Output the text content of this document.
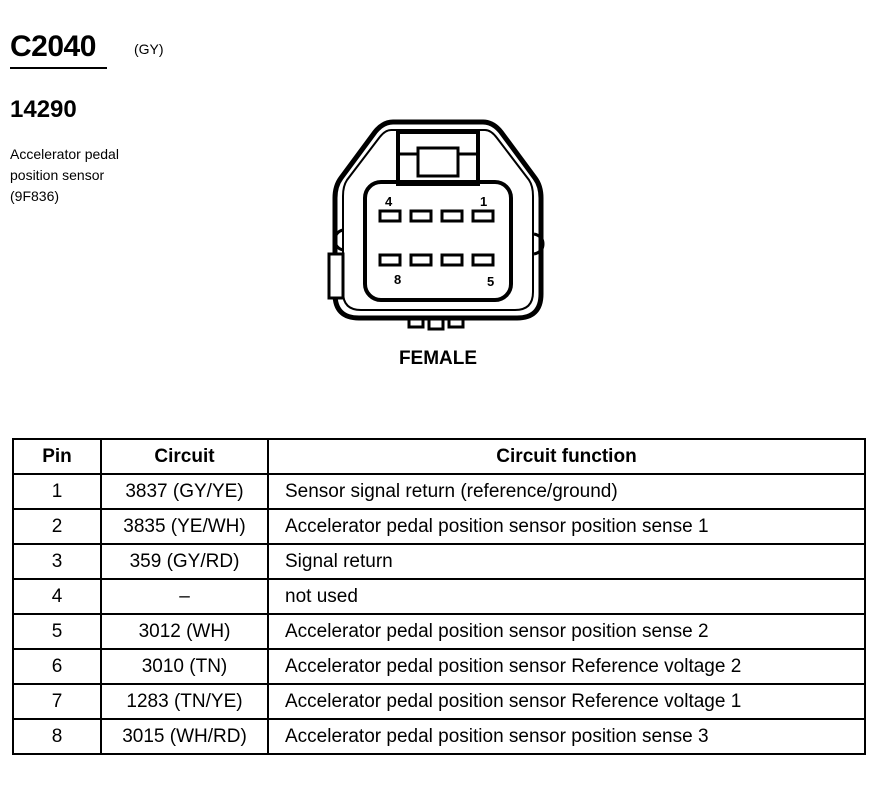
C2040	(GY)
14290
Accelerator pedal
position sensor
(9F836)	4	1
8	5
FEMALE
Pin	Circuit	Circuit function
1	3837 (GY/YE)	Sensor signal return (reference/ground)
2	3835 (YE/WH)	Accelerator pedal position sensor position sense 1
3	359 (GY/RD)	Signal return
4	–	not used
5	3012 (WH)	Accelerator pedal position sensor position sense 2
6	3010 (TN)	Accelerator pedal position sensor Reference voltage 2
7	1283 (TN/YE)	Accelerator pedal position sensor Reference voltage 1
8	3015 (WH/RD)	Accelerator pedal position sensor position sense 3
